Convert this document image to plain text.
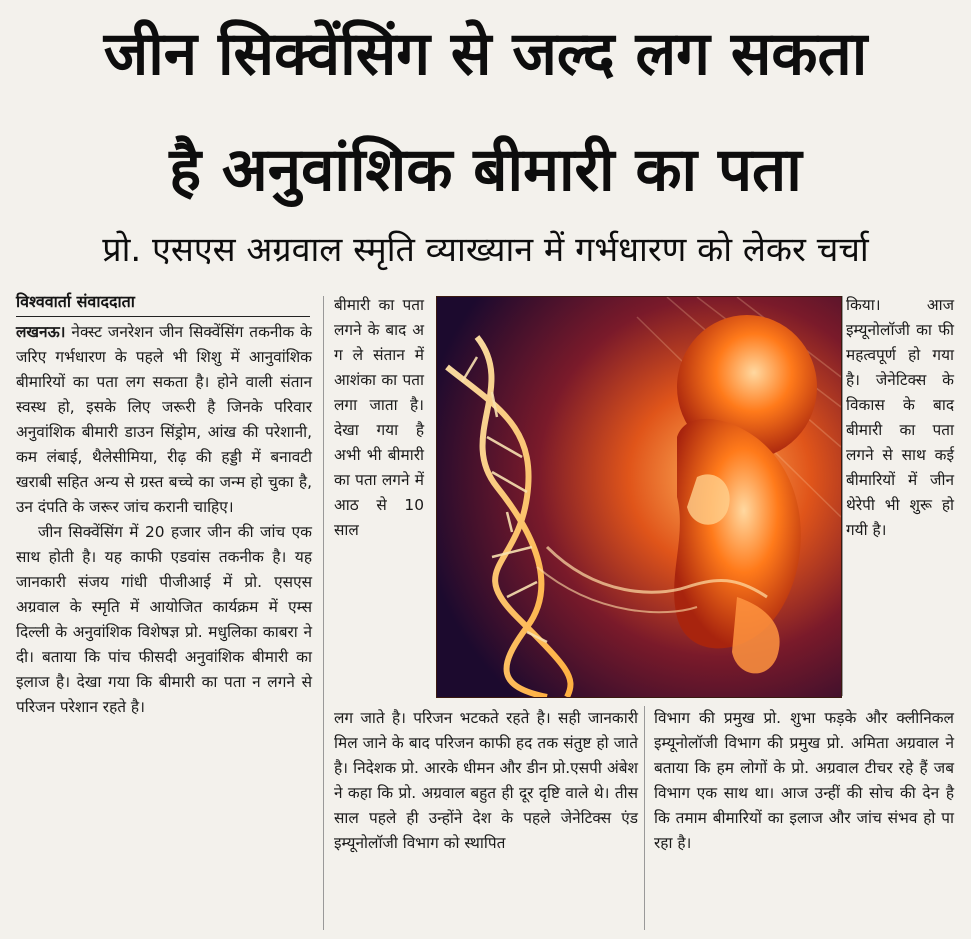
जीन सिक्वेंसिंग से जल्द लग सकता
है अनुवांशिक बीमारी का पता
प्रो. एसएस अग्रवाल स्मृति व्याख्यान में गर्भधारण को लेकर चर्चा
विश्ववार्ता संवाददाता

लखनऊ। नेक्स्ट जनरेशन जीन सिक्वेंसिंग तकनीक के जरिए गर्भधारण के पहले भी शिशु में आनुवांशिक बीमारियों का पता लग सकता है। होने वाली संतान स्वस्थ हो, इसके लिए जरूरी है जिनके परिवार अनुवांशिक बीमारी डाउन सिंड्रोम, आंख की परेशानी, कम लंबाई, थैलेसीमिया, रीढ़ की हड्डी में बनावटी खराबी सहित अन्य से ग्रस्त बच्चे का जन्म हो चुका है, उन दंपति के जरूर जांच करानी चाहिए।

जीन सिक्वेंसिंग में 20 हजार जीन की जांच एक साथ होती है। यह काफी एडवांस तकनीक है। यह जानकारी संजय गांधी पीजीआई में प्रो. एसएस अग्रवाल के स्मृति में आयोजित कार्यक्रम में एम्स दिल्ली के अनुवांशिक विशेषज्ञ प्रो. मधुलिका काबरा ने दी। बताया कि पांच फीसदी अनुवांशिक बीमारी का इलाज है। देखा गया कि बीमारी का पता न लगने से परिजन परेशान रहते है।

बीमारी का पता लगने के बाद अ ग ले संतान में आशंका का पता लगा जाता है। देखा गया है अभी भी बीमारी का पता लगने में आठ से 10 साल
किया। आज इम्यूनोलॉजी का फी महत्वपूर्ण हो गया है। जेनेटिक्स के विकास के बाद बीमारी का पता लगने से साथ कई बीमारियों में जीन थेरेपी भी शुरू हो गयी है।
लग जाते है। परिजन भटकते रहते है। सही जानकारी मिल जाने के बाद परिजन काफी हद तक संतुष्ट हो जाते है। निदेशक प्रो. आरके धीमन और डीन प्रो.एसपी अंबेश ने कहा कि प्रो. अग्रवाल बहुत ही दूर दृष्टि वाले थे। तीस साल पहले ही उन्होंने देश के पहले जेनेटिक्स एंड इम्यूनोलॉजी विभाग को स्थापित
विभाग की प्रमुख प्रो. शुभा फड़के और क्लीनिकल इम्यूनोलॉजी विभाग की प्रमुख प्रो. अमिता अग्रवाल ने बताया कि हम लोगों के प्रो. अग्रवाल टीचर रहे हैं जब विभाग एक साथ था। आज उन्हीं की सोच की देन है कि तमाम बीमारियों का इलाज और जांच संभव हो पा रहा है।
